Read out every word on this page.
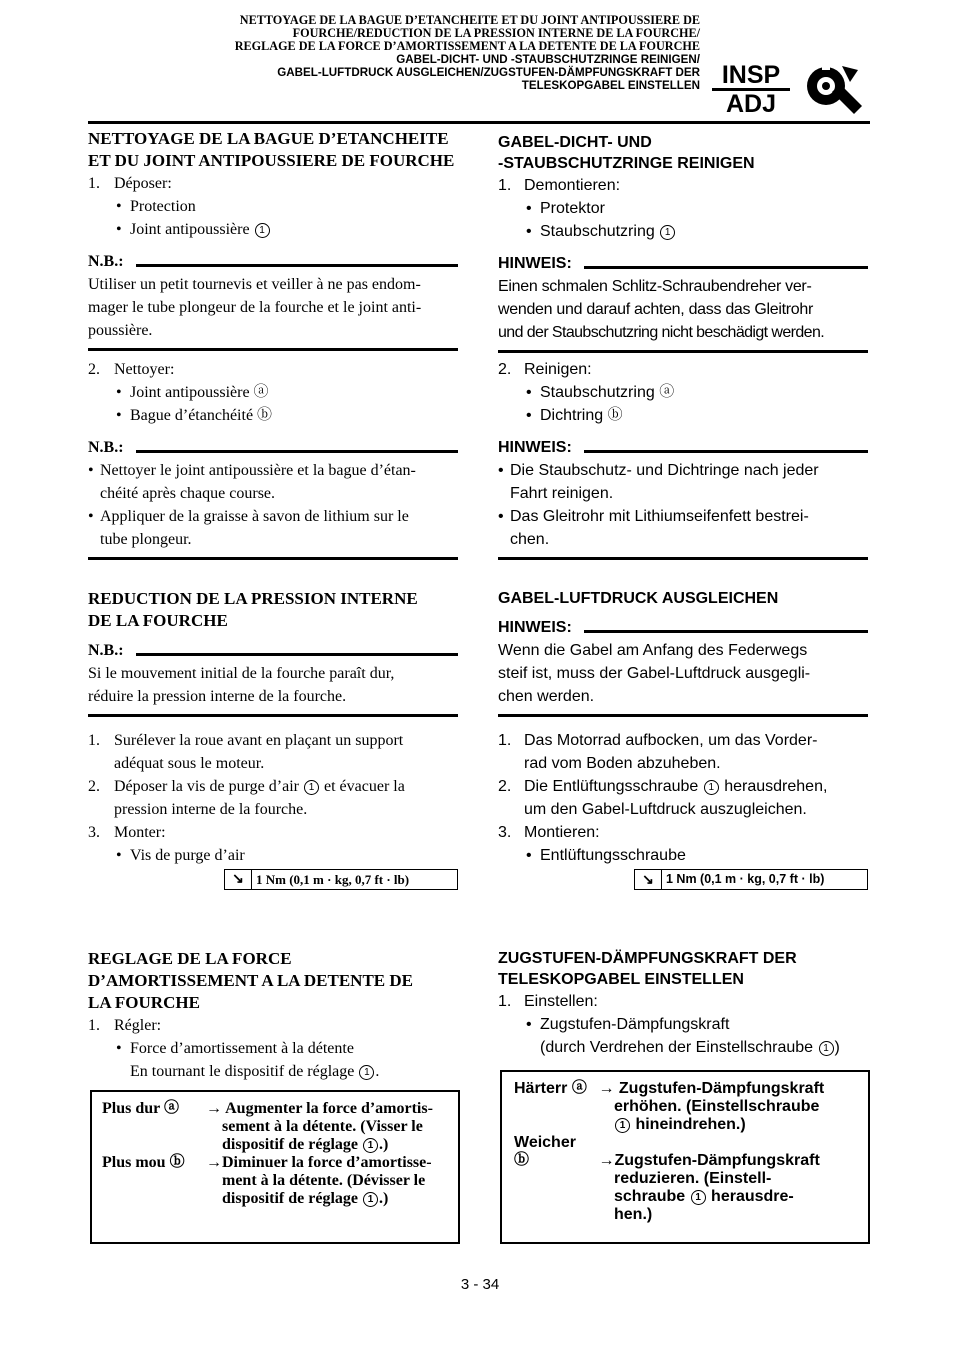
NETTOYAGE DE LA BAGUE D’ETANCHEITE ET DU JOINT ANTIPOUSSIERE DE
FOURCHE/REDUCTION DE LA PRESSION INTERNE DE LA FOURCHE/
REGLAGE DE LA FORCE D’AMORTISSEMENT A LA DETENTE DE LA FOURCHE
GABEL-DICHT- UND -STAUBSCHUTZRINGE REINIGEN/
GABEL-LUFTDRUCK AUSGLEICHEN/ZUGSTUFEN-DÄMPFUNGSKRAFT DER
TELESKOPGABEL EINSTELLEN INSP
ADJ

NETTOYAGE DE LA BAGUE D’ETANCHEITE

ET DU JOINT ANTIPOUSSIERE DE FOURCHE

1. Déposer:
• Protection
• Joint antipoussière 1
N.B.:
Utiliser un petit tournevis et veiller à ne pas endom-
mager le tube plongeur de la fourche et le joint anti-
poussière.
2. Nettoyer:
• Joint antipoussière ⓐ
• Bague d’étanchéité ⓑ
N.B.:
• Nettoyer le joint antipoussière et la bague d’étan-
chéité après chaque course.
• Appliquer de la graisse à savon de lithium sur le
tube plongeur.

REDUCTION DE LA PRESSION INTERNE

DE LA FOURCHE

N.B.:
Si le mouvement initial de la fourche paraît dur,
réduire la pression interne de la fourche.
1. Surélever la roue avant en plaçant un support
adéquat sous le moteur.
2. Déposer la vis de purge d’air 1 et évacuer la
pression interne de la fourche.
3. Monter:
• Vis de purge d’air
↘ 1 Nm (0,1 m · kg, 0,7 ft · lb)

REGLAGE DE LA FORCE

D’AMORTISSEMENT A LA DETENTE DE

LA FOURCHE

1. Régler:
• Force d’amortissement à la détente
En tournant le dispositif de réglage 1 .
Plus dur ⓐ → Augmenter la force d’amortis-
sement à la détente. (Visser le
dispositif de réglage 1 .)
Plus mou ⓑ →Diminuer la force d’amortisse-
ment à la détente. (Dévisser le
dispositif de réglage 1 .)

GABEL-DICHT- UND

-STAUBSCHUTZRINGE REINIGEN

1. Demontieren:
• Protektor
• Staubschutzring 1
HINWEIS:
Einen schmalen Schlitz-Schraubendreher ver-
wenden und darauf achten, dass das Gleitrohr
und der Staubschutzring nicht beschädigt werden.
2. Reinigen:
• Staubschutzring ⓐ
• Dichtring ⓑ
HINWEIS:
• Die Staubschutz- und Dichtringe nach jeder
Fahrt reinigen.
• Das Gleitrohr mit Lithiumseifenfett bestrei-
chen.

GABEL-LUFTDRUCK AUSGLEICHEN

HINWEIS:
Wenn die Gabel am Anfang des Federwegs
steif ist, muss der Gabel-Luftdruck ausgegli-
chen werden.
1. Das Motorrad aufbocken, um das Vorder-
rad vom Boden abzuheben.
2. Die Entlüftungsschraube 1 herausdrehen,
um den Gabel-Luftdruck auszugleichen.
3. Montieren:
• Entlüftungsschraube
↘ 1 Nm (0,1 m · kg, 0,7 ft · lb)

ZUGSTUFEN-DÄMPFUNGSKRAFT DER

TELESKOPGABEL EINSTELLEN

1. Einstellen:
• Zugstufen-Dämpfungskraft
(durch Verdrehen der Einstellschraube 1 )
Härterr ⓐ → Zugstufen-Dämpfungskraft
erhöhen. (Einstellschraube
1 hineindrehen.)
Weicher ⓑ	→Zugstufen-Dämpfungskraft
reduzieren. (Einstell-
schraube 1 herausdre-
hen.)
3 - 34
